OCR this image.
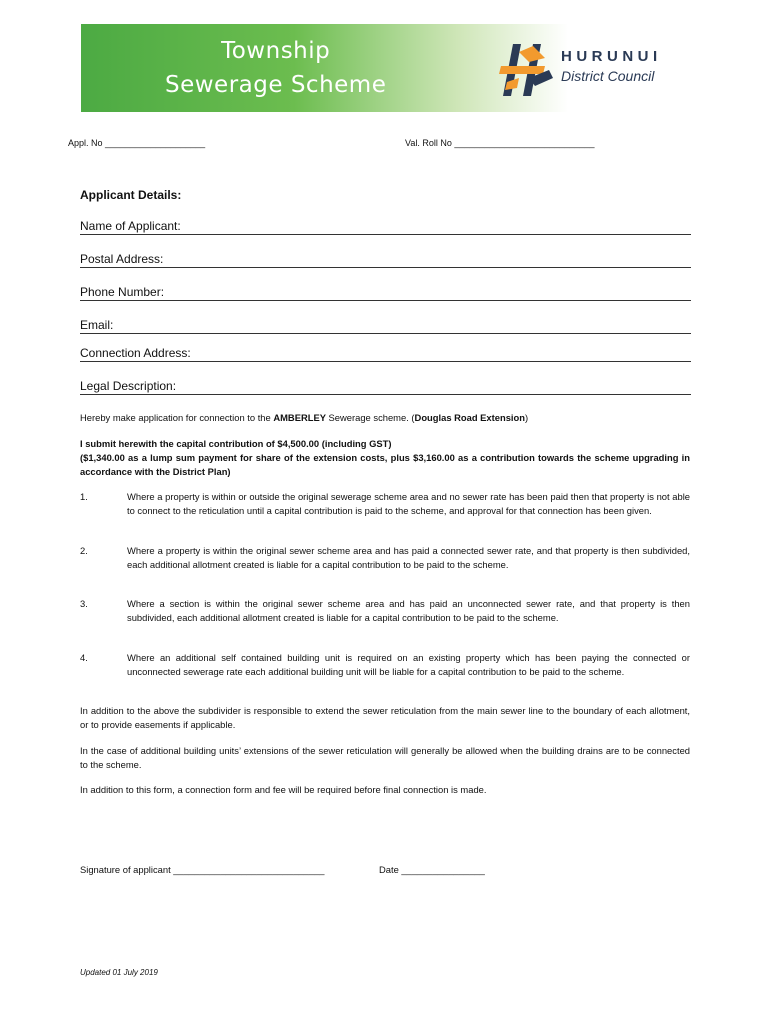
Township
Sewerage Scheme
HURUNUI
District Council
Appl. No ____________________	Val. Roll No ____________________________
Applicant Details:
Name of Applicant:
Postal Address:
Phone Number:
Email:
Connection Address:
Legal Description:
Hereby make application for connection to the AMBERLEY Sewerage scheme. (Douglas Road Extension)
I submit herewith the capital contribution of $4,500.00 (including GST)
($1,340.00 as a lump sum payment for share of the extension costs, plus $3,160.00 as a contribution towards the scheme upgrading in accordance with the District Plan)
1.	Where a property is within or outside the original sewerage scheme area and no sewer rate has been paid then that property is not able to connect to the reticulation until a capital contribution is paid to the scheme, and approval for that connection has been given.
2.	Where a property is within the original sewer scheme area and has paid a connected sewer rate, and that property is then subdivided, each additional allotment created is liable for a capital contribution to be paid to the scheme.
3.	Where a section is within the original sewer scheme area and has paid an unconnected sewer rate, and that property is then subdivided, each additional allotment created is liable for a capital contribution to be paid to the scheme.
4.	Where an additional self contained building unit is required on an existing property which has been paying the connected or unconnected sewerage rate each additional building unit will be liable for a capital contribution to be paid to the scheme.
In addition to the above the subdivider is responsible to extend the sewer reticulation from the main sewer line to the boundary of each allotment, or to provide easements if applicable.
In the case of additional building units’ extensions of the sewer reticulation will generally be allowed when the building drains are to be connected to the scheme.
In addition to this form, a connection form and fee will be required before final connection is made.
Signature of applicant _____________________________	Date ________________
Updated 01 July 2019
